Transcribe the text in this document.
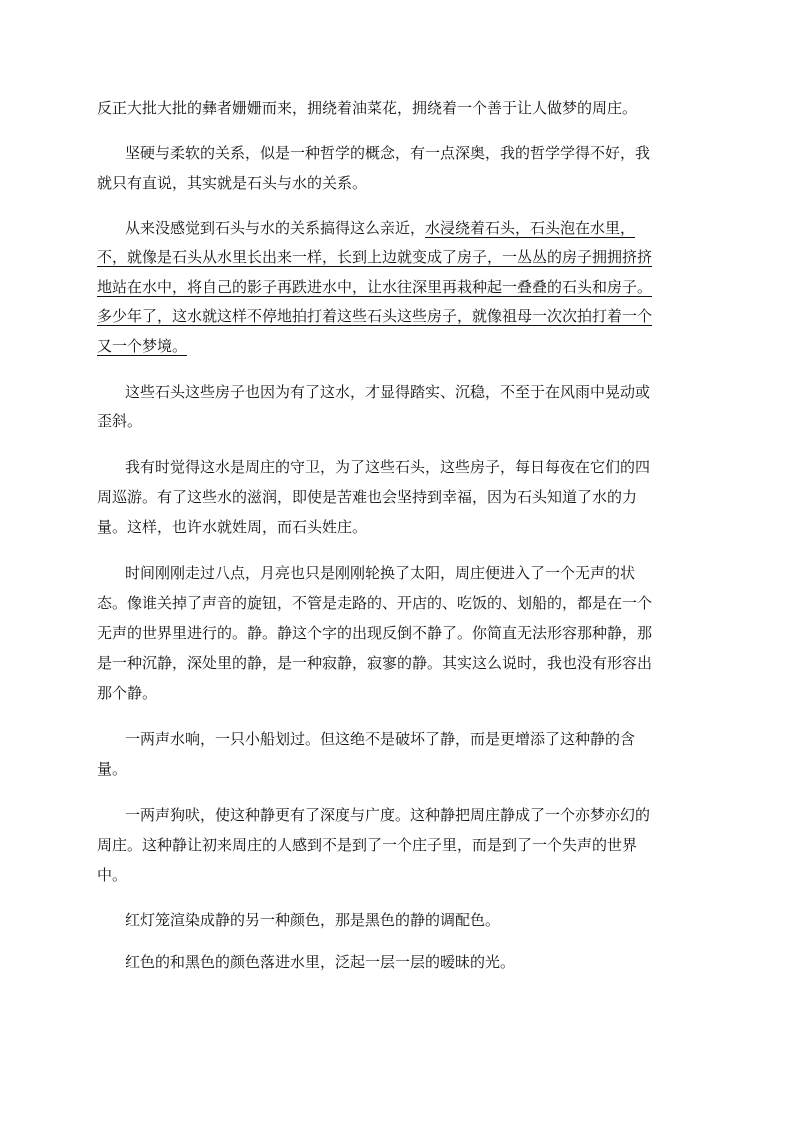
反正大批大批的彝者姗姗而来，拥绕着油菜花，拥绕着一个善于让人做梦的周庄。
坚硬与柔软的关系，似是一种哲学的概念，有一点深奥，我的哲学学得不好，我
就只有直说，其实就是石头与水的关系。
从来没感觉到石头与水的关系搞得这么亲近，水浸绕着石头，石头泡在水里，
不，就像是石头从水里长出来一样，长到上边就变成了房子，一丛丛的房子拥拥挤挤
地站在水中，将自己的影子再跌进水中，让水往深里再栽种起一叠叠的石头和房子。
多少年了，这水就这样不停地拍打着这些石头这些房子，就像祖母一次次拍打着一个
又一个梦境。
这些石头这些房子也因为有了这水，才显得踏实、沉稳，不至于在风雨中晃动或
歪斜。
我有时觉得这水是周庄的守卫，为了这些石头，这些房子，每日每夜在它们的四
周巡游。有了这些水的滋润，即使是苦难也会坚持到幸福，因为石头知道了水的力
量。这样，也许水就姓周，而石头姓庄。
时间刚刚走过八点，月亮也只是刚刚轮换了太阳，周庄便进入了一个无声的状
态。像谁关掉了声音的旋钮，不管是走路的、开店的、吃饭的、划船的，都是在一个
无声的世界里进行的。静。静这个字的出现反倒不静了。你简直无法形容那种静，那
是一种沉静，深处里的静，是一种寂静，寂寥的静。其实这么说时，我也没有形容出
那个静。
一两声水响，一只小船划过。但这绝不是破坏了静，而是更增添了这种静的含
量。
一两声狗吠，使这种静更有了深度与广度。这种静把周庄静成了一个亦梦亦幻的
周庄。这种静让初来周庄的人感到不是到了一个庄子里，而是到了一个失声的世界
中。
红灯笼渲染成静的另一种颜色，那是黑色的静的调配色。
红色的和黑色的颜色落进水里，泛起一层一层的暧昧的光。
